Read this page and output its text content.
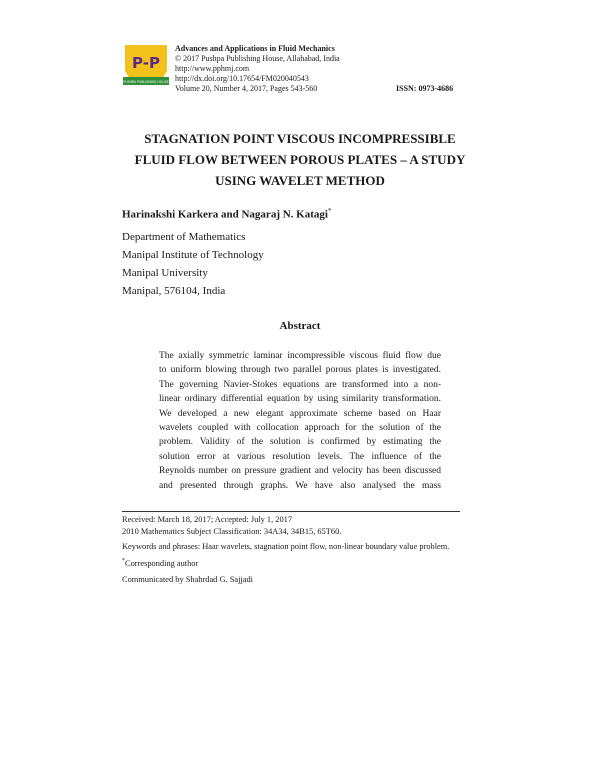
P-P
PUSHPA PUBLISHING HOUSE
Advances and Applications in Fluid Mechanics
© 2017 Pushpa Publishing House, Allahabad, India
http://www.pphmj.com
http://dx.doi.org/10.17654/FM020040543
Volume 20, Number 4, 2017, Pages 543-560	ISSN: 0973-4686
STAGNATION POINT VISCOUS INCOMPRESSIBLE
FLUID FLOW BETWEEN POROUS PLATES – A STUDY
USING WAVELET METHOD
Harinakshi Karkera and Nagaraj N. Katagi*
Department of Mathematics
Manipal Institute of Technology
Manipal University
Manipal, 576104, India
Abstract
The axially symmetric laminar incompressible viscous fluid flow due
to uniform blowing through two parallel porous plates is investigated.
The governing Navier-Stokes equations are transformed into a non-
linear ordinary differential equation by using similarity transformation.
We developed a new elegant approximate scheme based on Haar
wavelets coupled with collocation approach for the solution of the
problem. Validity of the solution is confirmed by estimating the
solution error at various resolution levels. The influence of the
Reynolds number on pressure gradient and velocity has been discussed
and presented through graphs. We have also analysed the mass
Received: March 18, 2017; Accepted: July 1, 2017
2010 Mathematics Subject Classification: 34A34, 34B15, 65T60.
Keywords and phrases: Haar wavelets, stagnation point flow, non-linear boundary value problem.
*Corresponding author
Communicated by Shahrdad G. Sajjadi
